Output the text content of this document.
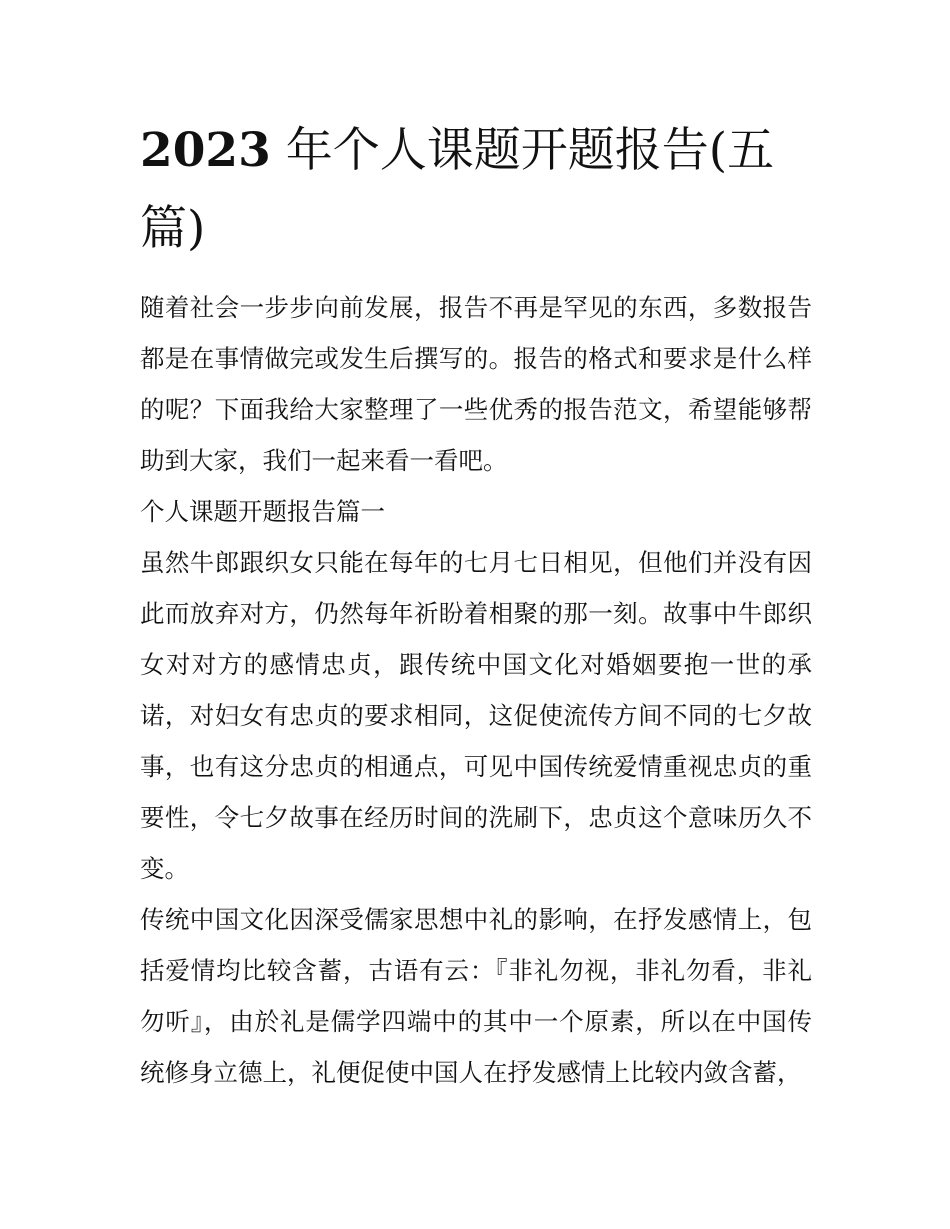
2023 年个人课题开题报告(五篇)

随着社会一步步向前发展，报告不再是罕见的东西，多数报告都是在事情做完或发生后撰写的。报告的格式和要求是什么样的呢？下面我给大家整理了一些优秀的报告范文，希望能够帮助到大家，我们一起来看一看吧。

个人课题开题报告篇一

虽然牛郎跟织女只能在每年的七月七日相见，但他们并没有因此而放弃对方，仍然每年祈盼着相聚的那一刻。故事中牛郎织女对对方的感情忠贞，跟传统中国文化对婚姻要抱一世的承诺，对妇女有忠贞的要求相同，这促使流传方间不同的七夕故事，也有这分忠贞的相通点，可见中国传统爱情重视忠贞的重要性，令七夕故事在经历时间的洗刷下，忠贞这个意味历久不变。

传统中国文化因深受儒家思想中礼的影响，在抒发感情上，包括爱情均比较含蓄，古语有云：『非礼勿视，非礼勿看，非礼勿听』，由於礼是儒学四端中的其中一个原素，所以在中国传统修身立德上，礼便促使中国人在抒发感情上比较内敛含蓄，
